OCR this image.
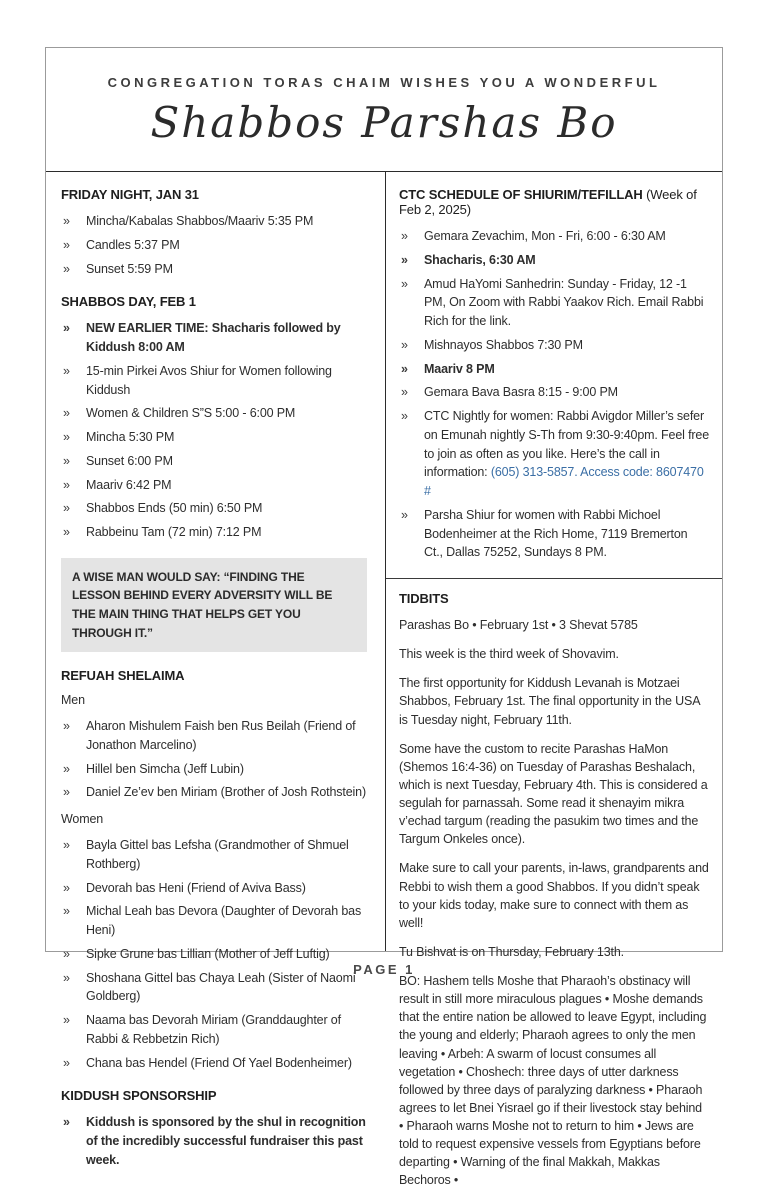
CONGREGATION TORAS CHAIM WISHES YOU A WONDERFUL
Shabbos Parshas Bo
FRIDAY NIGHT, JAN 31
» Mincha/Kabalas Shabbos/Maariv 5:35 PM
» Candles 5:37 PM
» Sunset 5:59 PM
SHABBOS DAY, FEB 1
» NEW EARLIER TIME: Shacharis followed by Kiddush 8:00 AM
» 15-min Pirkei Avos Shiur for Women following Kiddush
» Women & Children S”S 5:00 - 6:00 PM
» Mincha 5:30 PM
» Sunset 6:00 PM
» Maariv 6:42 PM
» Shabbos Ends (50 min) 6:50 PM
» Rabbeinu Tam (72 min) 7:12 PM
A WISE MAN WOULD SAY: “FINDING THE LESSON BEHIND EVERY ADVERSITY WILL BE THE MAIN THING THAT HELPS GET YOU THROUGH IT.”
REFUAH SHELAIMA
Men
» Aharon Mishulem Faish ben Rus Beilah (Friend of Jonathon Marcelino)
» Hillel ben Simcha (Jeff Lubin)
» Daniel Ze’ev ben Miriam (Brother of Josh Rothstein)
Women
» Bayla Gittel bas Lefsha (Grandmother of Shmuel Rothberg)
» Devorah bas Heni (Friend of Aviva Bass)
» Michal Leah bas Devora (Daughter of Devorah bas Heni)
» Sipke Grune bas Lillian (Mother of Jeff Luftig)
» Shoshana Gittel bas Chaya Leah (Sister of Naomi Goldberg)
» Naama bas Devorah Miriam (Granddaughter of Rabbi & Rebbetzin Rich)
» Chana bas Hendel (Friend Of Yael Bodenheimer)
KIDDUSH SPONSORSHIP
» Kiddush is sponsored by the shul in recognition of the incredibly successful fundraiser this past week.
CTC SCHEDULE OF SHIURIM/TEFILLAH (Week of Feb 2, 2025)
» Gemara Zevachim, Mon - Fri, 6:00 - 6:30 AM
» Shacharis, 6:30 AM
» Amud HaYomi Sanhedrin: Sunday - Friday, 12 -1 PM, On Zoom with Rabbi Yaakov Rich. Email Rabbi Rich for the link.
» Mishnayos Shabbos 7:30 PM
» Maariv 8 PM
» Gemara Bava Basra 8:15 - 9:00 PM
» CTC Nightly for women: Rabbi Avigdor Miller’s sefer on Emunah nightly S-Th from 9:30-9:40pm. Feel free to join as often as you like. Here’s the call in information: (605) 313-5857. Access code: 8607470 #
» Parsha Shiur for women with Rabbi Michoel Bodenheimer at the Rich Home, 7119 Bremerton Ct., Dallas 75252, Sundays 8 PM.
TIDBITS

Parashas Bo • February 1st • 3 Shevat 5785

This week is the third week of Shovavim.

The first opportunity for Kiddush Levanah is Motzaei Shabbos, February 1st. The final opportunity in the USA is Tuesday night, February 11th.

Some have the custom to recite Parashas HaMon (Shemos 16:4-36) on Tuesday of Parashas Beshalach, which is next Tuesday, February 4th. This is considered a segulah for parnassah. Some read it shenayim mikra v’echad targum (reading the pasukim two times and the Targum Onkeles once).

Make sure to call your parents, in-laws, grandparents and Rebbi to wish them a good Shabbos. If you didn’t speak to your kids today, make sure to connect with them as well!

Tu Bishvat is on Thursday, February 13th.

BO: Hashem tells Moshe that Pharaoh’s obstinacy will result in still more miraculous plagues • Moshe demands that the entire nation be allowed to leave Egypt, including the young and elderly; Pharaoh agrees to only the men leaving • Arbeh: A swarm of locust consumes all vegetation • Choshech: three days of utter darkness followed by three days of paralyzing darkness • Pharaoh agrees to let Bnei Yisrael go if their livestock stay behind • Pharaoh warns Moshe not to return to him • Jews are told to request expensive vessels from Egyptians before departing • Warning of the final Makkah, Makkas Bechoros •

PAGE 1
